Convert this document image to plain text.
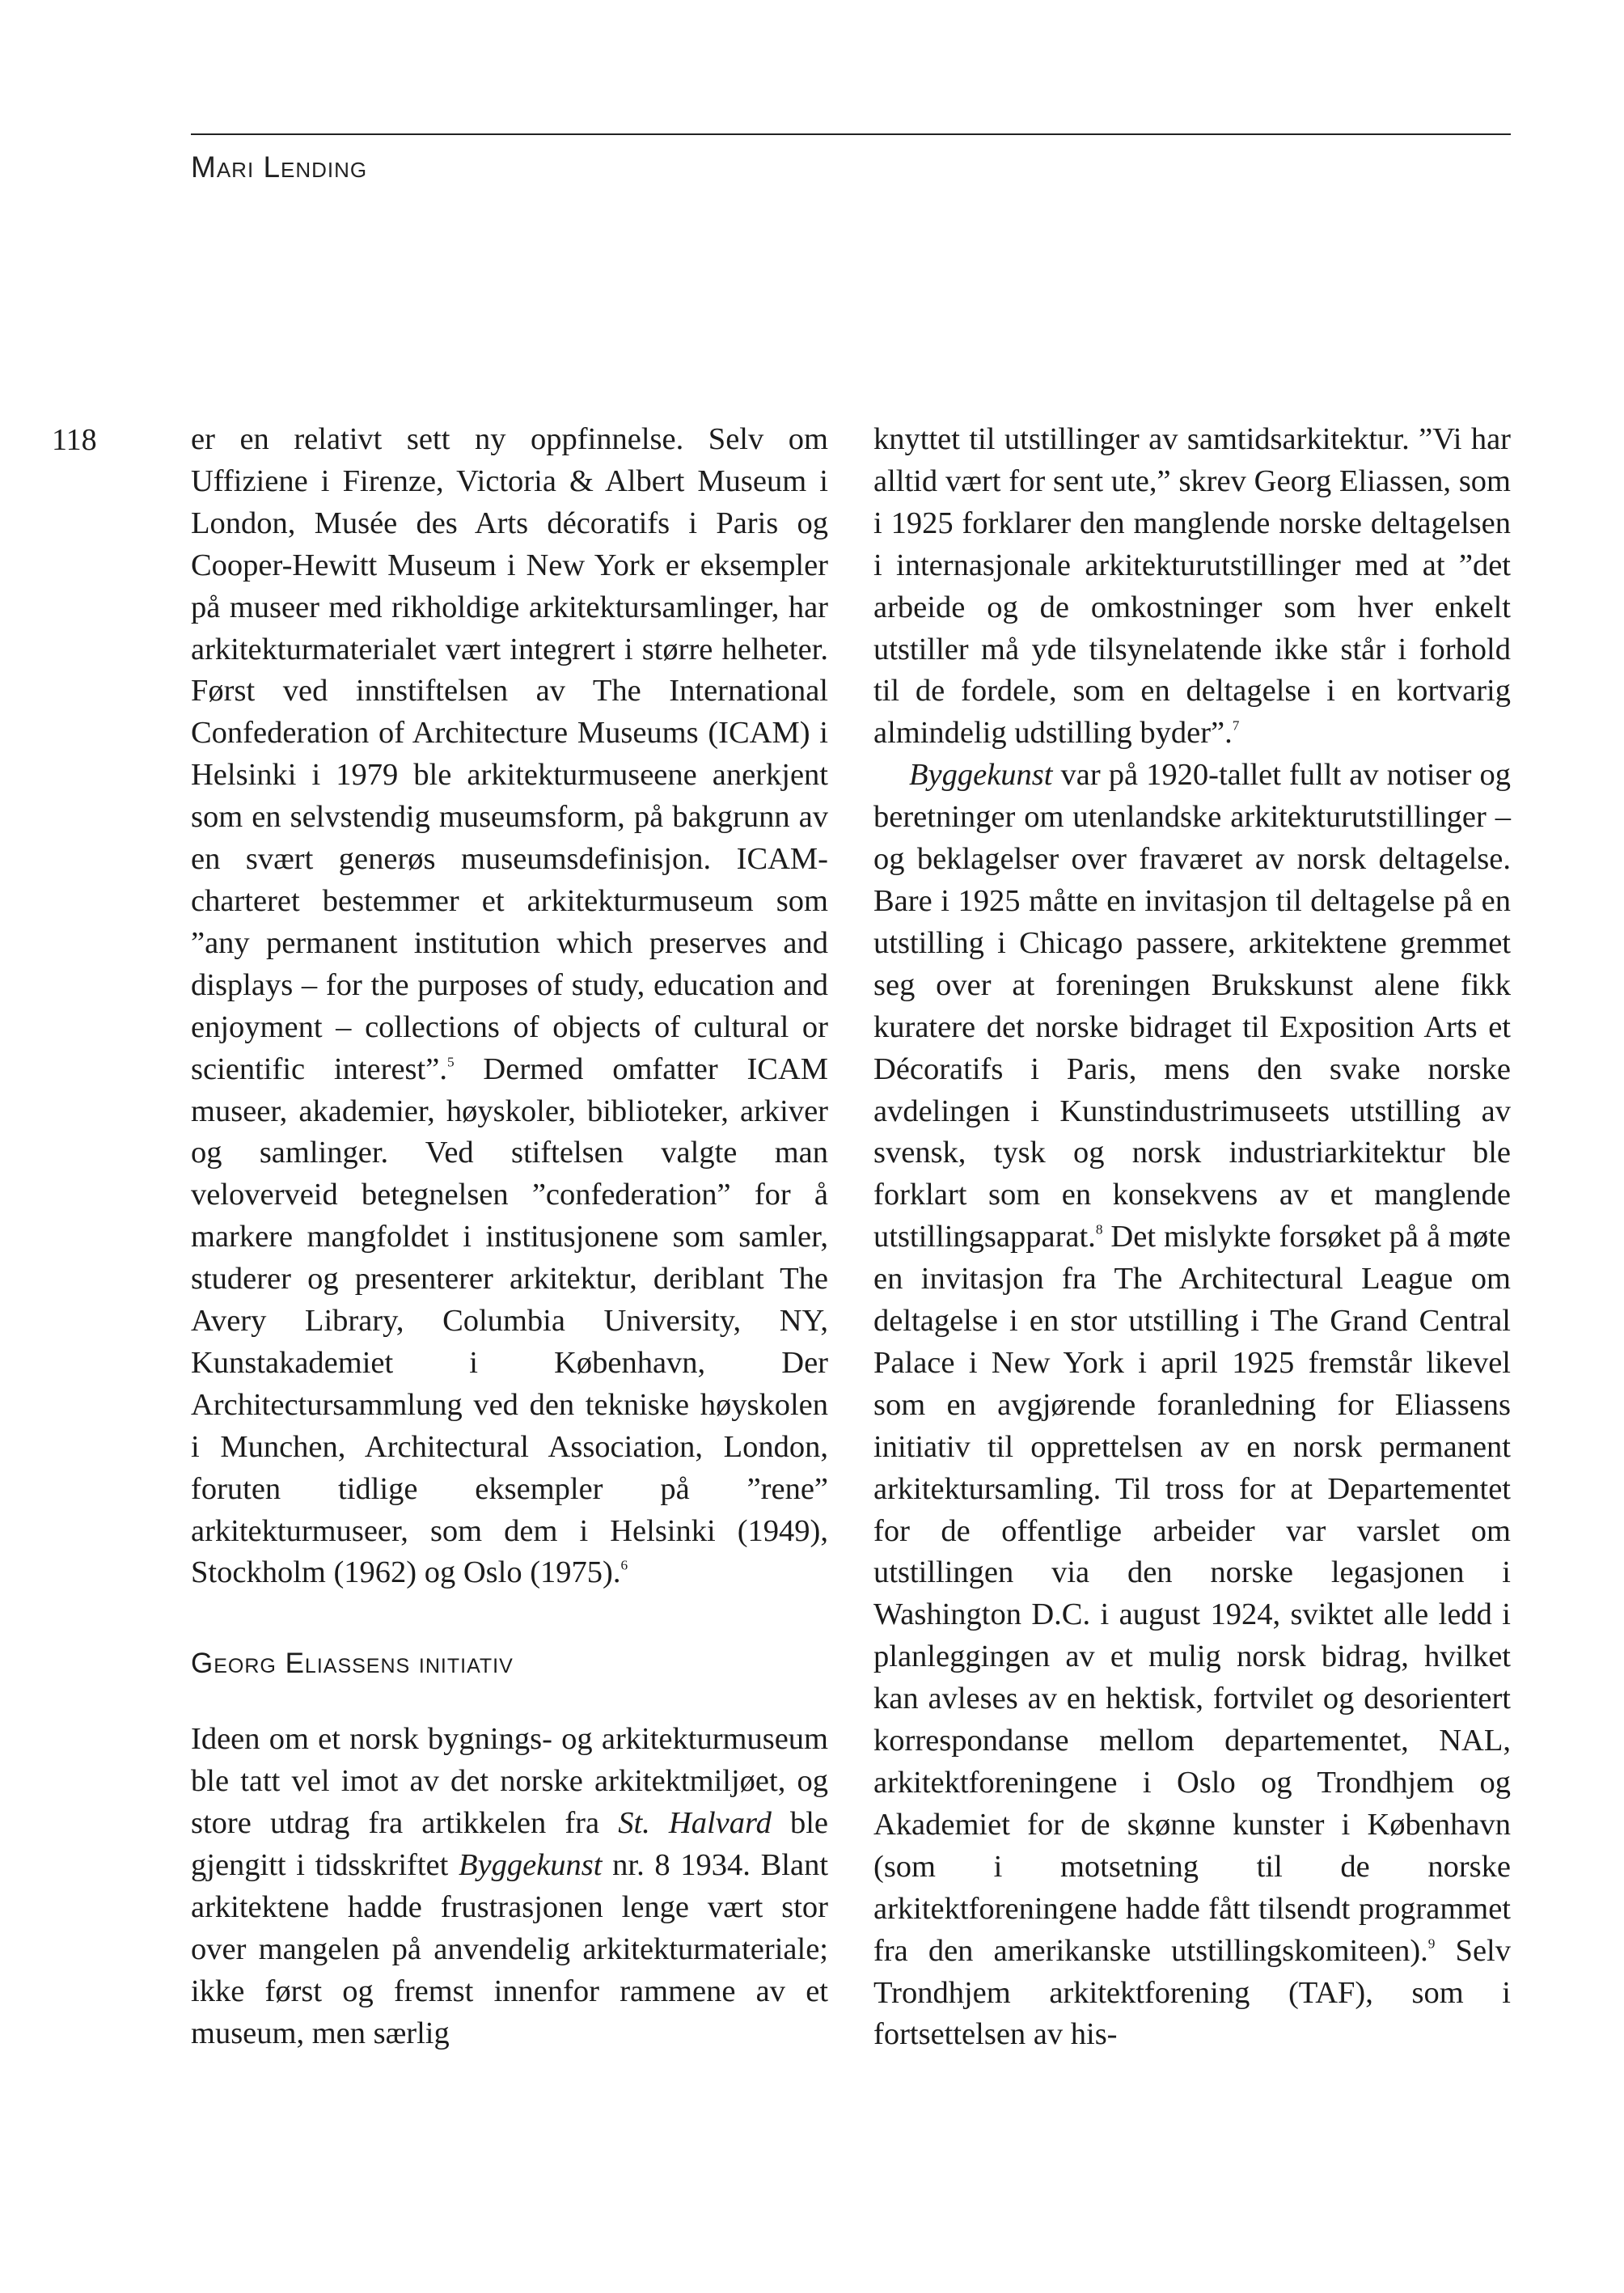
Mari Lending
118	er en relativt sett ny oppfinnelse. Selv om Uffiziene i Firenze, Victoria & Albert Museum i London, Musée des Arts décoratifs i Paris og Cooper-Hewitt Museum i New York er eksempler på museer med rikholdige arkitektursamlinger, har arkitekturmaterialet vært integrert i større helheter. Først ved innstiftelsen av The International Confederation of Architecture Museums (ICAM) i Helsinki i 1979 ble arkitekturmuseene anerkjent som en selvstendig museumsform, på bakgrunn av en svært generøs museumsdefinisjon. ICAM-charteret bestemmer et arkitekturmuseum som ”any permanent institution which preserves and displays – for the purposes of study, education and enjoyment – collections of objects of cultural or scientific interest”.$^5$ Dermed omfatter ICAM museer, akademier, høyskoler, biblioteker, arkiver og samlinger. Ved stiftelsen valgte man veloverveid betegnelsen ”confederation” for å markere mangfoldet i institusjonene som samler, studerer og presenterer arkitektur, deriblant The Avery Library, Columbia University, NY, Kunstakademiet i København, Der Architectursammlung ved den tekniske høyskolen i Munchen, Architectural Association, London, foruten tidlige eksempler på ”rene” arkitekturmuseer, som dem i Helsinki (1949), Stockholm (1962) og Oslo (1975).$^6$

Georg Eliassens initiativ

Ideen om et norsk bygnings- og arkitekturmuseum ble tatt vel imot av det norske arkitektmiljøet, og store utdrag fra artikkelen fra St. Halvard ble gjengitt i tidsskriftet Byggekunst nr. 8 1934. Blant arkitektene hadde frustrasjonen lenge vært stor over mangelen på anvendelig arkitekturmateriale; ikke først og fremst innenfor rammene av et museum, men særlig

knyttet til utstillinger av samtidsarkitektur. ”Vi har alltid vært for sent ute,” skrev Georg Eliassen, som i 1925 forklarer den manglende norske deltagelsen i internasjonale arkitekturutstillinger med at ”det arbeide og de omkostninger som hver enkelt utstiller må yde tilsynelatende ikke står i forhold til de fordele, som en deltagelse i en kortvarig almindelig udstilling byder”.$^7$

Byggekunst var på 1920-tallet fullt av notiser og beretninger om utenlandske arkitekturutstillinger – og beklagelser over fraværet av norsk deltagelse. Bare i 1925 måtte en invitasjon til deltagelse på en utstilling i Chicago passere, arkitektene gremmet seg over at foreningen Brukskunst alene fikk kuratere det norske bidraget til Exposition Arts et Décoratifs i Paris, mens den svake norske avdelingen i Kunstindustrimuseets utstilling av svensk, tysk og norsk industriarkitektur ble forklart som en konsekvens av et manglende utstillingsapparat.$^8$ Det mislykte forsøket på å møte en invitasjon fra The Architectural League om deltagelse i en stor utstilling i The Grand Central Palace i New York i april 1925 fremstår likevel som en avgjørende foranledning for Eliassens initiativ til opprettelsen av en norsk permanent arkitektursamling. Til tross for at Departementet for de offentlige arbeider var varslet om utstillingen via den norske legasjonen i Washington D.C. i august 1924, sviktet alle ledd i planleggingen av et mulig norsk bidrag, hvilket kan avleses av en hektisk, fortvilet og desorientert korrespondanse mellom departementet, NAL, arkitektforeningene i Oslo og Trondhjem og Akademiet for de skønne kunster i København (som i motsetning til de norske arkitektforeningene hadde fått tilsendt programmet fra den amerikanske utstillingskomiteen).$^9$ Selv Trondhjem arkitektforening (TAF), som i fortsettelsen av his-
